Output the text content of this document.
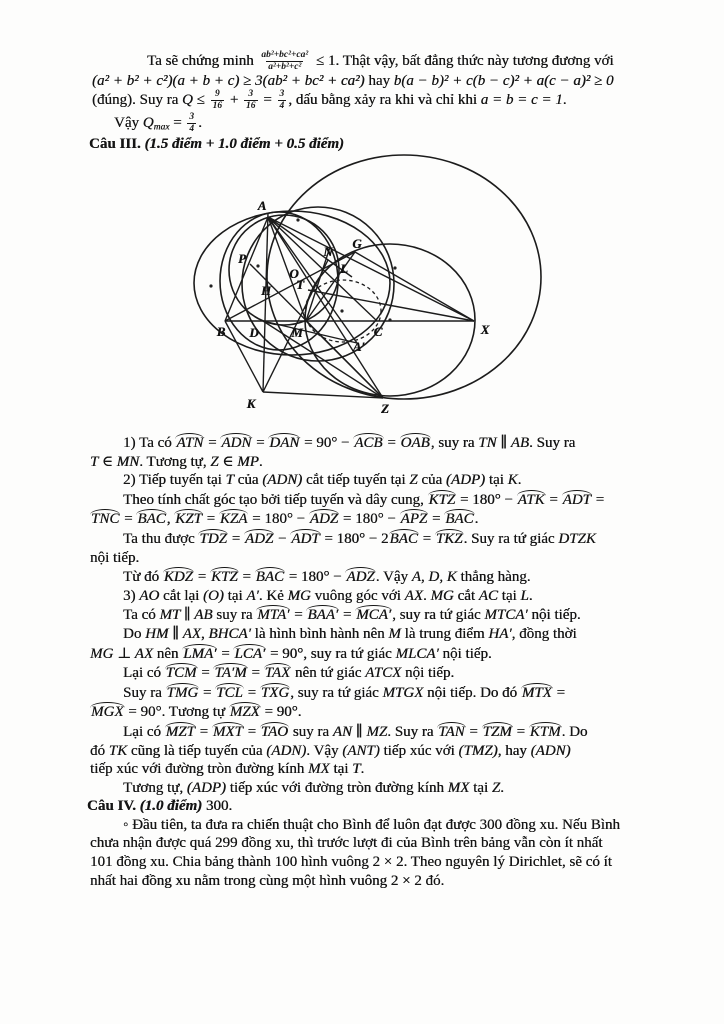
A
P	N
G
O	L
T
H
B D	M	C	X
A′
K	Z
Ta sẽ chứng minh $\frac{\text{ab²+bc²+ca²}}{\text{a²+b²+c²}} \le 1$. Thật vậy, bất đẳng thức này tương đương với
(a² + b² + c²)(a + b + c) ≥ 3(ab² + bc² + ca²) hay b(a − b)² + c(b − c)² + a(c − a)² ≥ 0
(đúng). Suy ra $Q \le \frac{9}{16} + \frac{3}{16} = \frac{3}{4}$ , dấu bằng xảy ra khi và chỉ khi a = b = c = 1.
Vậy $Qmax = \frac{3}{4}$ .
Câu III. (1.5 điểm + 1.0 điểm + 0.5 điểm)
1) Ta có ATN = ADN = DAN = 90° − ACB = OAB, suy ra TN ∥ AB. Suy ra
T ∈ MN. Tương tự, Z ∈ MP.
2) Tiếp tuyến tại T của (ADN) cắt tiếp tuyến tại Z của (ADP) tại K.
Theo tính chất góc tạo bởi tiếp tuyến và dây cung, KTZ = 180° − ATK = ADT =
TNC = BAC, KZT = KZA = 180° − ADZ = 180° − APZ = BAC.
Ta thu được TDZ = ADZ − ADT = 180° − 2BAC = TKZ. Suy ra tứ giác DTZK
nội tiếp.
Từ đó KDZ = KTZ = BAC = 180° − ADZ. Vậy A, D, K thẳng hàng.
3) AO cắt lại (O) tại A′. Kẻ MG vuông góc với AX. MG cắt AC tại L.
Ta có MT ∥ AB suy ra MTA′ = BAA′ = MCA′, suy ra tứ giác MTCA′ nội tiếp.
Do HM ∥ AX, BHCA′ là hình bình hành nên M là trung điểm HA′, đồng thời
MG ⊥ AX nên LMA′ = LCA′ = 90°, suy ra tứ giác MLCA′ nội tiếp.
Lại có TCM = TA′M = TAX nên tứ giác ATCX nội tiếp.
Suy ra TMG = TCL = TXG, suy ra tứ giác MTGX nội tiếp. Do đó MTX =
MGX = 90°. Tương tự MZX = 90°.
Lại có MZT = MXT = TAO suy ra AN ∥ MZ. Suy ra TAN = TZM = KTM. Do
đó TK cũng là tiếp tuyến của (ADN). Vậy (ANT) tiếp xúc với (TMZ), hay (ADN)
tiếp xúc với đường tròn đường kính MX tại T.
Tương tự, (ADP) tiếp xúc với đường tròn đường kính MX tại Z.
Câu IV. (1.0 điểm) 300.
◦ Đầu tiên, ta đưa ra chiến thuật cho Bình để luôn đạt được 300 đồng xu. Nếu Bình
chưa nhận được quá 299 đồng xu, thì trước lượt đi của Bình trên bảng vẫn còn ít nhất
101 đồng xu. Chia bảng thành 100 hình vuông 2 × 2. Theo nguyên lý Dirichlet, sẽ có ít
nhất hai đồng xu nằm trong cùng một hình vuông 2 × 2 đó.
